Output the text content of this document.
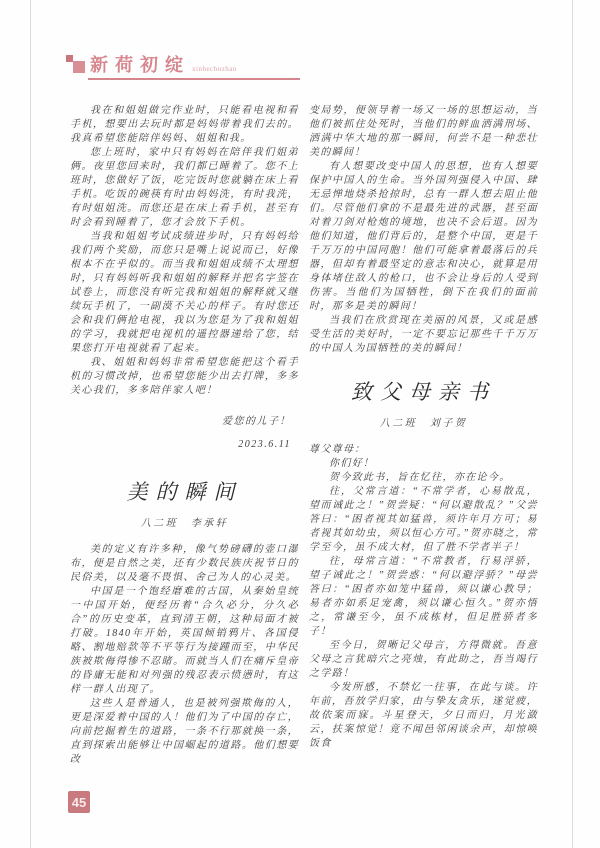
新荷初绽 xinhechuzhan

我在和姐姐做完作业时，只能看电视和看手机，想要出去玩时都是妈妈带着我们去的。我真希望您能陪伴妈妈、姐姐和我。

您上班时，家中只有妈妈在陪伴我们姐弟俩。夜里您回来时，我们都已睡着了。您不上班时，您做好了饭，吃完饭时您就躺在床上看手机。吃饭的碗筷有时由妈妈洗，有时我洗，有时姐姐洗。而您还是在床上看手机，甚至有时会看到睡着了，您才会放下手机。

当我和姐姐考试成绩进步时，只有妈妈给我们两个奖励，而您只是嘴上说说而已，好像根本不在乎似的。而当我和姐姐成绩不太理想时，只有妈妈听我和姐姐的解释并把名字签在试卷上，而您没有听完我和姐姐的解释就又继续玩手机了，一副漠不关心的样子。有时您还会和我们俩抢电视，我以为您是为了我和姐姐的学习，我就把电视机的遥控器递给了您，结果您打开电视就看了起来。

我、姐姐和妈妈非常希望您能把这个看手机的习惯改掉，也希望您能少出去打牌，多多关心我们，多多陪伴家人吧！

爱您的儿子！

2023.6.11

美的瞬间
八二班　李承轩

美的定义有许多种，像气势磅礴的壶口瀑布，便是自然之美，还有少数民族庆祝节日的民俗美，以及毫不畏惧、舍己为人的心灵美。

中国是一个饱经磨难的古国，从秦始皇统一中国开始，便经历着“合久必分，分久必合”的历史变革，直到清王朝，这种局面才被打破。1840年开始，英国倾销鸦片、各国侵略、割地赔款等不平等行为接踵而至，中华民族被欺侮得惨不忍睹。而就当人们在痛斥皇帝的昏庸无能和对列强的残忍表示愤懑时，有这样一群人出现了。

这些人是普通人，也是被列强欺侮的人，更是深爱着中国的人！他们为了中国的存亡，向前挖掘着生的道路，一条不行那就换一条，直到探索出能够让中国崛起的道路。他们想要改

变局势，便领导着一场又一场的思想运动，当他们被抓住处死时，当他们的鲜血洒满刑场、洒满中华大地的那一瞬间，何尝不是一种悲壮美的瞬间！

有人想要改变中国人的思想，也有人想要保护中国人的生命。当外国列强侵入中国、肆无忌惮地烧杀抢掠时，总有一群人想去阻止他们。尽管他们拿的不是最先进的武器，甚至面对着刀剑对枪炮的境地，也决不会后退。因为他们知道，他们背后的，是整个中国，更是千千万万的中国同胞！他们可能拿着最落后的兵器，但却有着最坚定的意志和决心，就算是用身体堵住敌人的枪口，也不会让身后的人受到伤害。当他们为国牺牲，倒下在我们的面前时，那多是美的瞬间！

当我们在欣赏现在美丽的风景，又或是感受生活的美好时，一定不要忘记那些千千万万的中国人为国牺牲的美的瞬间！

致父母亲书
八二班　刘子贺

尊父尊母：

你们好！

贺今致此书，旨在忆往，亦在论今。

往，父常言道：“不常学者，心易散乱，望而诫此之！”贺尝疑：“何以避散乱？”父尝答曰：“困者视其如猛兽，须许年月方可；易者视其如幼虫，须以恒心方可。”贺亦晓之，常学至今，虽不成大材，但了胜不学者半子！

往，母常言道：“不常教者，行易浮骄，望子诫此之！”贺尝惑：“何以避浮骄？”母尝答曰：“困者亦如笼中猛兽，须以谦心教导；易者亦如系足宠禽，须以谦心恒久。”贺亦悟之，常谦至今，虽不成栋材，但足胜骄者多子！

至今日，贺晰记父母言，方得微就。吾意父母之言犹暗穴之亮烛，有此助之，吾当竭行之学路！

今发所感，不禁忆一往事，在此与谈。许年前，吾放学归家，由与挚友贪乐，遂觉疲，故依案而寐。斗星登天，夕日而归，月光潋云，扶案惊觉！竟不闻邑邻闲谈余声，却惊唤饭食

45
